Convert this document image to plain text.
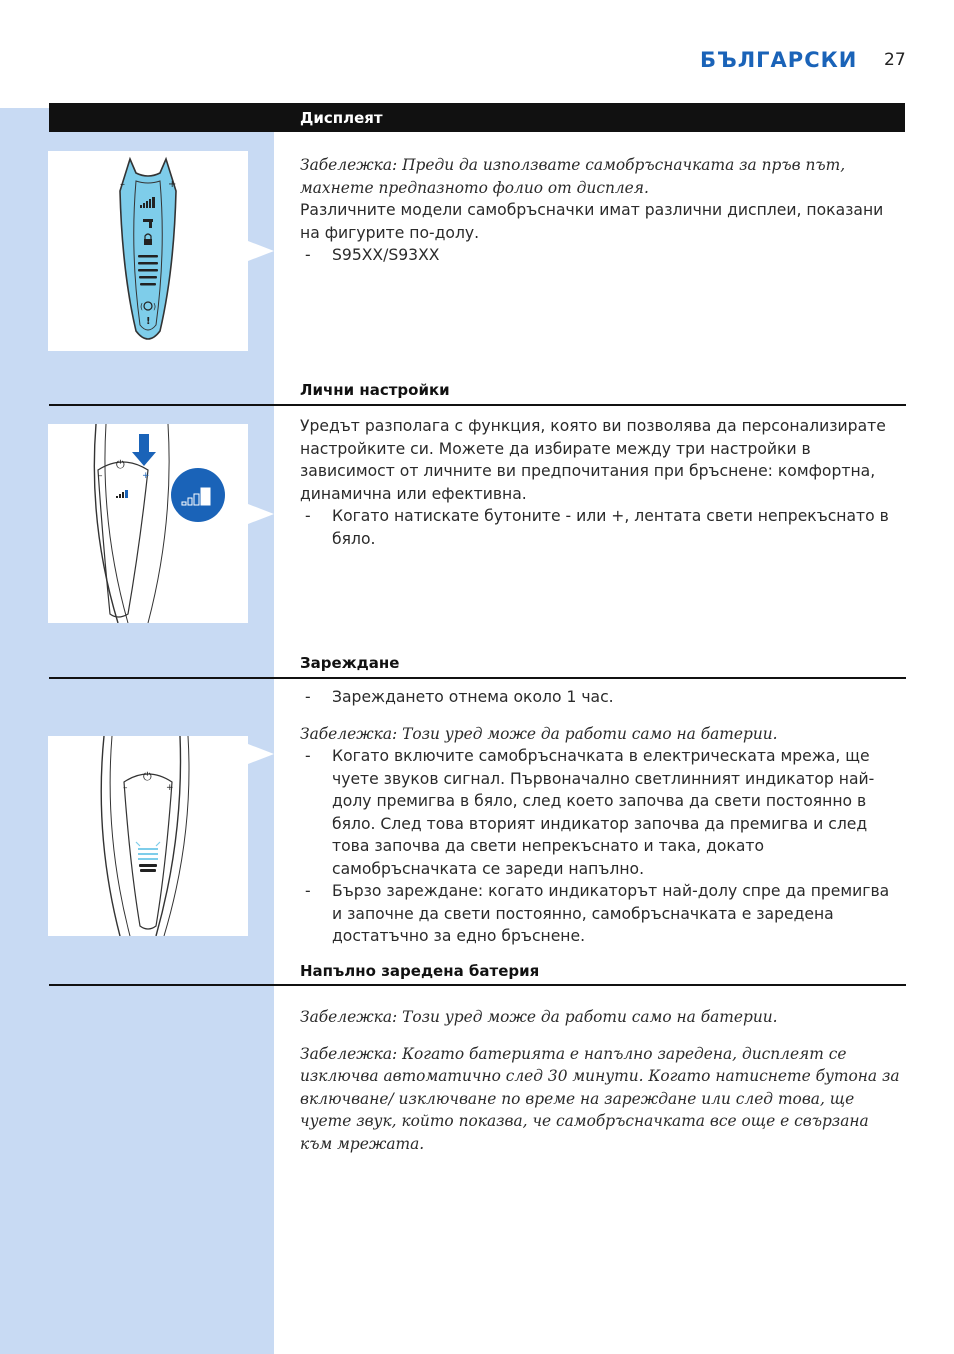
БЪЛГАРСКИ 27
Дисплеят
–	+
( )
!

Забележка: Преди да използвате самобръсначката за пръв път, махнете предпазното фолио от дисплея.

Различните модели самобръсначки имат различни дисплеи, показани на фигурите по-долу.

- S95XX/S93XX
Лични настройки
⏻
–	+

Уредът разполага с функция, която ви позволява да персонализирате настройките си. Можете да избирате между три настройки в зависимост от личните ви предпочитания при бръснене: комфортна, динамична или ефективна.

- Когато натискате бутоните - или +, лентата свети непрекъснато в бяло.
Зареждане
⏻
–	+
- Зареждането отнема около 1 час.

Забележка: Този уред може да работи само на батерии.

- Когато включите самобръсначката в електрическата мрежа, ще чуете звуков сигнал. Първоначално светлинният индикатор най-долу премигва в бяло, след което започва да свети постоянно в бяло. След това вторият индикатор започва да премигва и след това започва да свети непрекъснато и така, докато самобръсначката се зареди напълно.
- Бързо зареждане: когато индикаторът най-долу спре да премигва и започне да свети постоянно, самобръсначката е заредена достатъчно за едно бръснене.
Напълно заредена батерия

Забележка: Този уред може да работи само на батерии.

Забележка: Когато батерията е напълно заредена, дисплеят се изключва автоматично след 30 минути. Когато натиснете бутона за включване/ изключване по време на зареждане или след това, ще чуете звук, който показва, че самобръсначката все още е свързана към мрежата.
